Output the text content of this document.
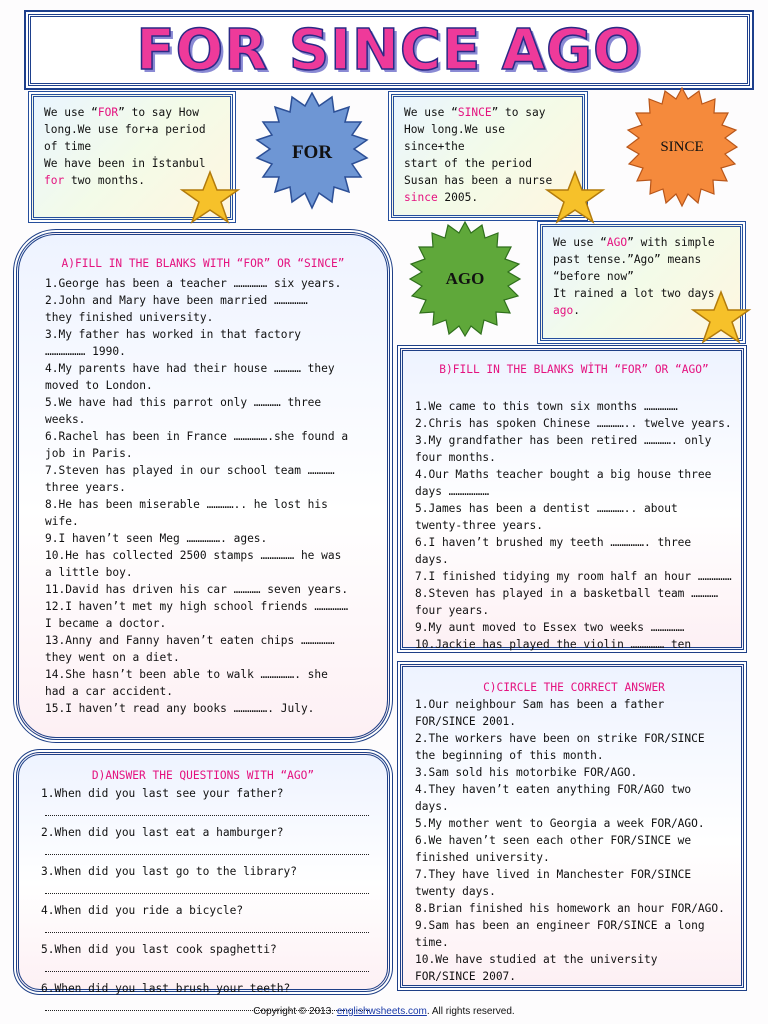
FOR SINCE AGO
We use “FOR” to say How
long.We use for+a period
of time
We have been in İstanbul
for two months.
We use “SINCE” to say
How long.We use since+the
start of the period
Susan has been a nurse
since 2005.
We use “AGO” with simple
past tense.”Ago” means
“before now”
It rained a lot two days
ago.
FOR	SINCE
AGO
A)FILL IN THE BLANKS WITH “FOR” OR “SINCE”

1.George has been a teacher …………… six years.

2.John and Mary have been married ……………

they finished university.

3.My father has worked in that factory

……………… 1990.

4.My parents have had their house ………… they

moved to London.

5.We have had this parrot only ………… three

weeks.

6.Rachel has been in France …………….she found a

job in Paris.

7.Steven has played in our school team …………

three years.

8.He has been miserable ………….. he lost his

wife.

9.I haven’t seen Meg ……………. ages.

10.He has collected 2500 stamps …………… he was

a little boy.

11.David has driven his car ………… seven years.

12.I haven’t met my high school friends ……………

I became a doctor.

13.Anny and Fanny haven’t eaten chips ……………

they went on a diet.

14.She hasn’t been able to walk ……………. she

had a car accident.

15.I haven’t read any books ……………. July.

B)FILL IN THE BLANKS WİTH “FOR” OR “AGO”

1.We came to this town six months ……………

2.Chris has spoken Chinese ………….. twelve years.

3.My grandfather has been retired …………. only

four months.

4.Our Maths teacher bought a big house three

days ………………

5.James has been a dentist ………….. about

twenty-three years.

6.I haven’t brushed my teeth ……………. three

days.

7.I finished tidying my room half an hour ……………

8.Steven has played in a basketball team …………

four years.

9.My aunt moved to Essex two weeks ……………

10.Jackie has played the violin …………… ten

C)CIRCLE THE CORRECT ANSWER

1.Our neighbour Sam has been a father

FOR/SINCE 2001.

2.The workers have been on strike FOR/SINCE

the beginning of this month.

3.Sam sold his motorbike FOR/AGO.

4.They haven’t eaten anything FOR/AGO two

days.

5.My mother went to Georgia a week FOR/AGO.

6.We haven’t seen each other FOR/SINCE we

finished university.

7.They have lived in Manchester FOR/SINCE

twenty days.

8.Brian finished his homework an hour FOR/AGO.

9.Sam has been an engineer FOR/SINCE a long

time.

10.We have studied at the university

FOR/SINCE 2007.

D)ANSWER THE QUESTIONS WITH “AGO”

1.When did you last see your father?

2.When did you last eat a hamburger?

3.When did you last go to the library?

4.When did you ride a bicycle?

5.When did you last cook spaghetti?

6.When did you last brush your teeth?

Copyright © 2013. englishwsheets.com. All rights reserved.
